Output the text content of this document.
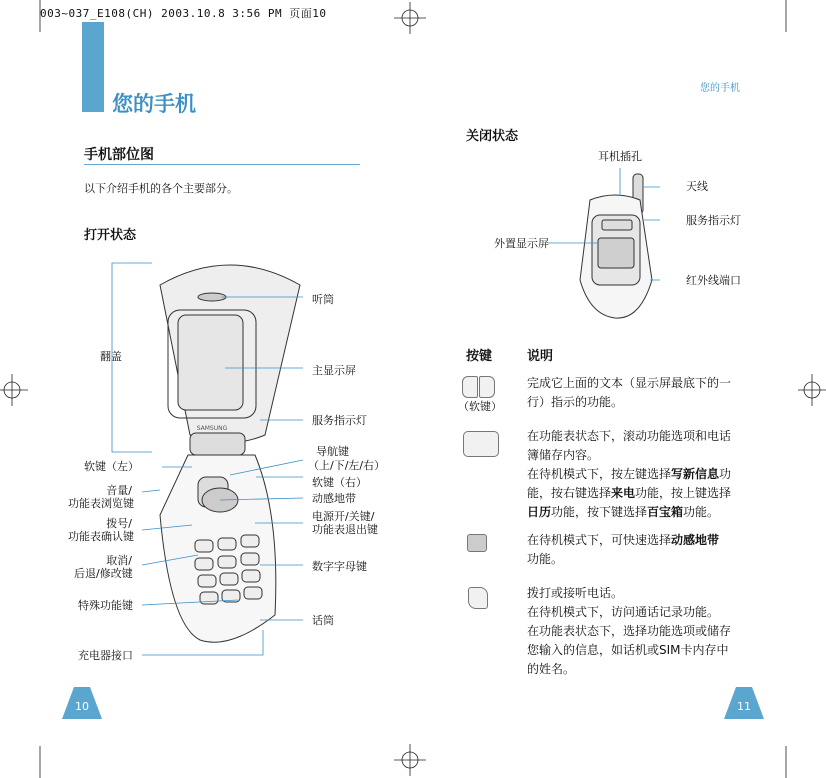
003~037_E108(CH) 2003.10.8 3:56 PM 页面10
您的手机
手机部位图
以下介绍手机的各个主要部分。
打开状态
SAMSUNG
翻盖
听筒
主显示屏
服务指示灯
导航键
（上/下/左/右）
软键（左）
软键（右）
音量/
功能表浏览键	动感地带
电源开/关键/
功能表退出键
拨号/
功能表确认键
取消/
后退/修改键
数字字母键
特殊功能键
话筒
充电器接口
您的手机
关闭状态
耳机插孔
天线
服务指示灯
外置显示屏
红外线端口
按键	说明
（软键）
完成它上面的文本（显示屏最底下的一
行）指示的功能。
在功能表状态下，滚动功能选项和电话
簿储存内容。
在待机模式下，按左键选择写新信息功
能，按右键选择来电功能，按上键选择
日历功能，按下键选择百宝箱功能。
在待机模式下，可快速选择动感地带
功能。
拨打或接听电话。
在待机模式下，访问通话记录功能。
在功能表状态下，选择功能选项或储存
您输入的信息，如话机或SIM卡内存中
的姓名。
10	11
